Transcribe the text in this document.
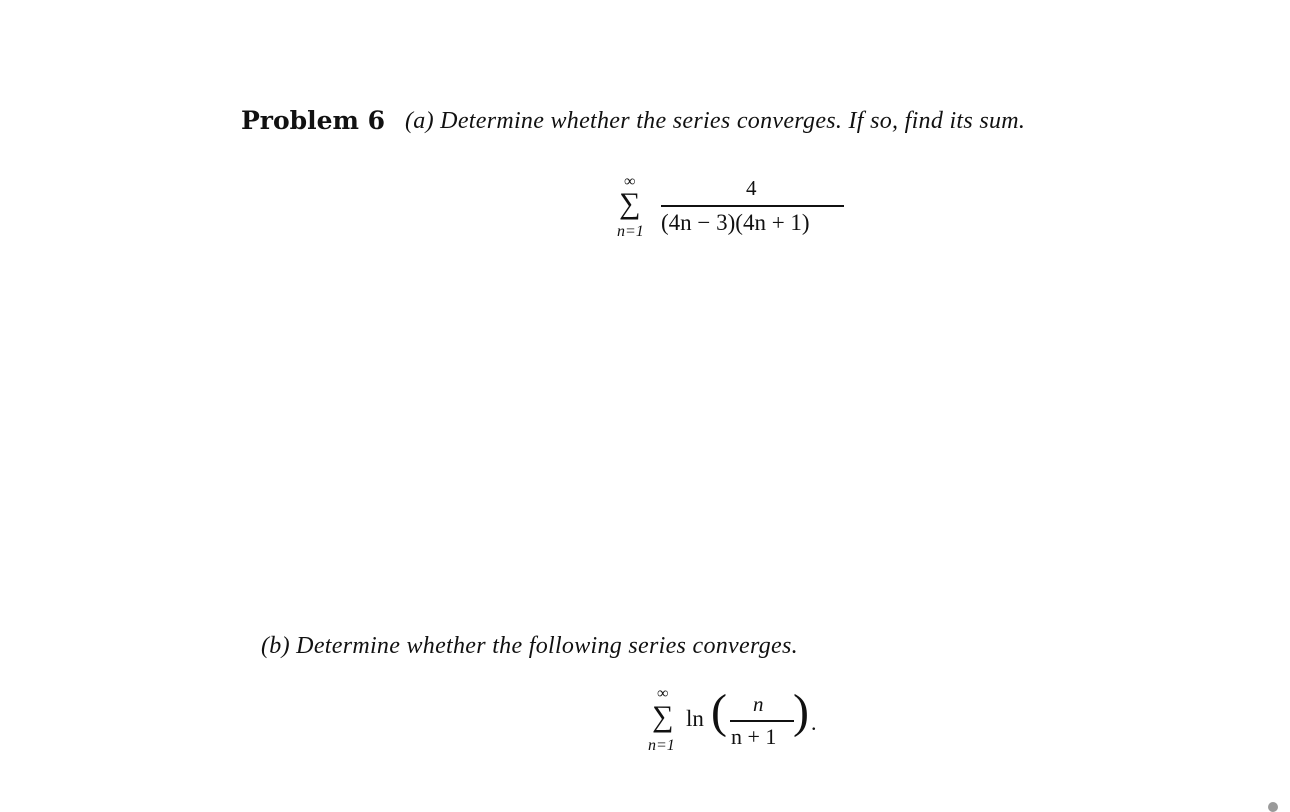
Problem 6 (a) Determine whether the series converges. If so, find its sum.
∞
∑
n=1
4
(4n − 3)(4n + 1)
(b) Determine whether the following series converges.
∞
∑
n=1
ln ( n
n + 1 ) .
